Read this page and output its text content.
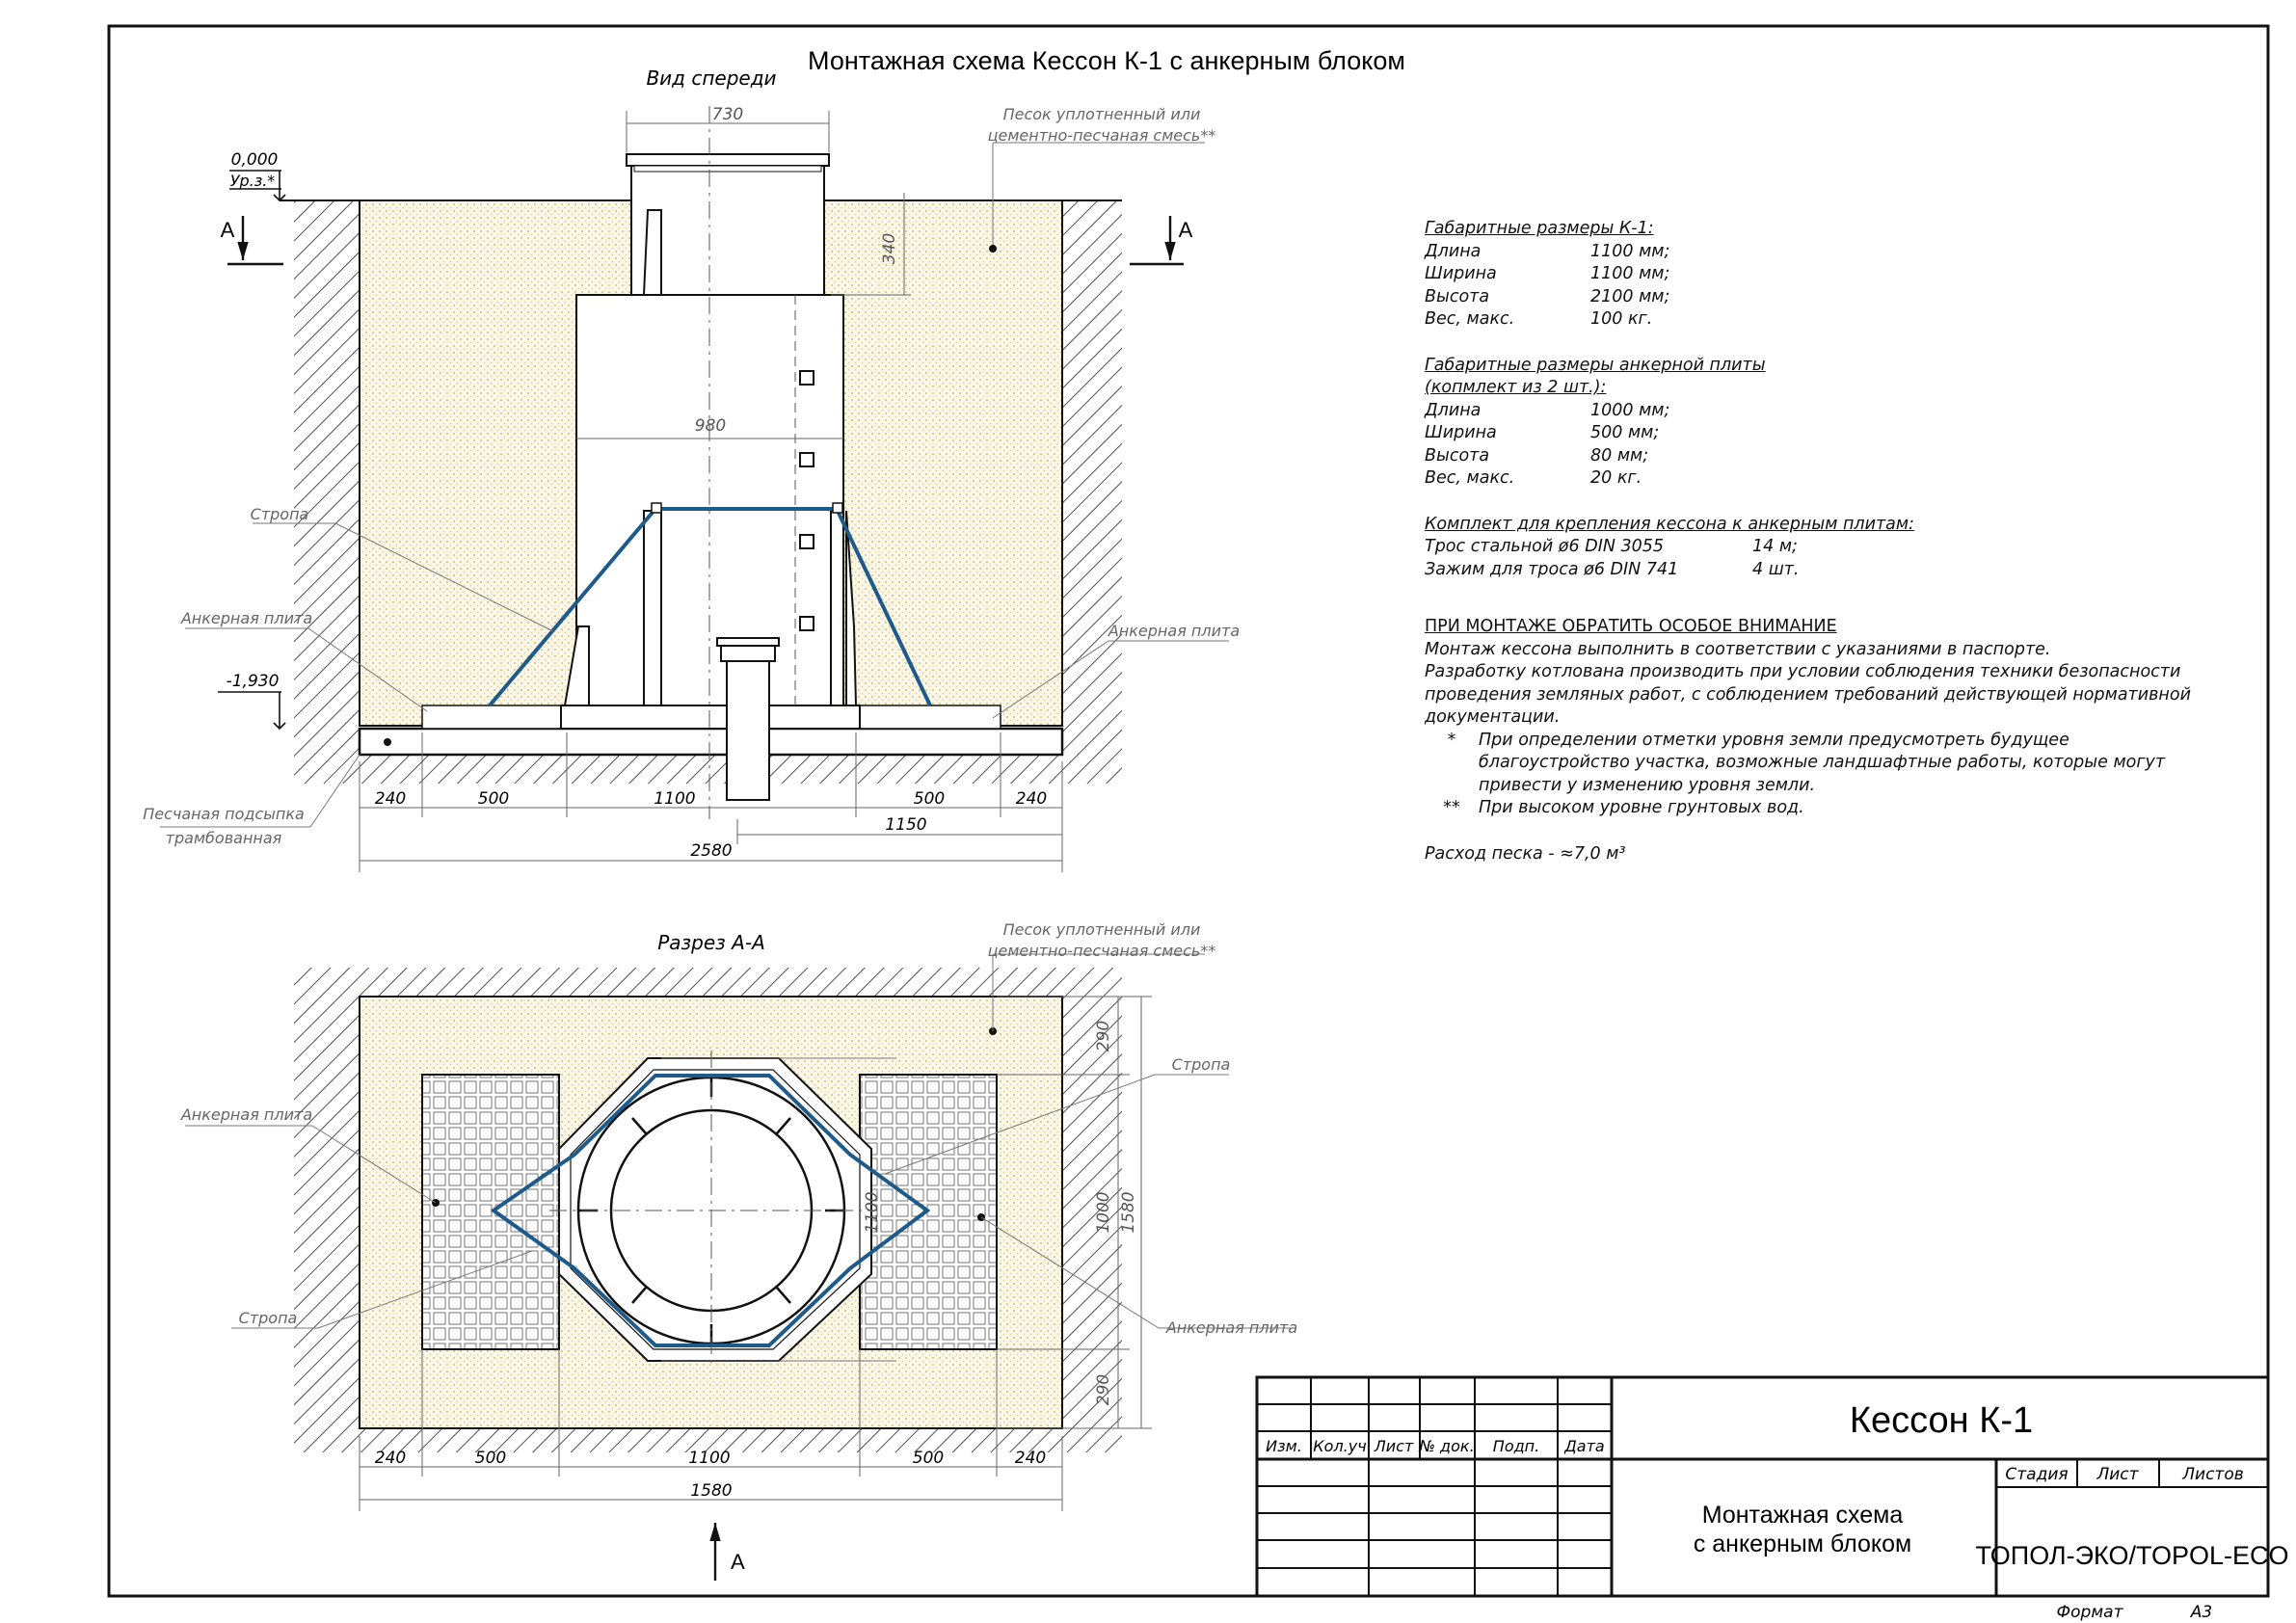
Монтажная схема Кессон К-1 с анкерным блоком
Вид спереди
0,000
Ур.з.*
-1,930
А	А
730
340
980
240	500	1100	500	240
1150
2580
Песок уплотненный или
цементно-песчаная смесь**
Стропа
Анкерная плита
Анкерная плита
Песчаная подсыпка
трамбованная
Разрез А-А
290
1000 1580
290
1100
240	500	1100	500	240
1580
А
Песок уплотненный или
цементно-песчаная смесь**
Стропа
Анкерная плита
Стропа
Анкерная плита
Изм. Кол.уч Лист № док. Подп. Дата
Кессон К-1
Монтажная схема
с анкерным блоком
Стадия Лист	Листов
ТОПОЛ-ЭКО/TOPOL-ECO
Формат	А3
Габаритные размеры К-1:
Длина	1100 мм;
Ширина	1100 мм;
Высота	2100 мм;
Вес, макс.	100 кг.
Габаритные размеры анкерной плиты
(копмлект из 2 шт.):
Длина	1000 мм;
Ширина	500 мм;
Высота	80 мм;
Вес, макс.	20 кг.
Комплект для крепления кессона к анкерным плитам:
Трос стальной ø6 DIN 3055	14 м;
Зажим для троса ø6 DIN 741	4 шт.
ПРИ МОНТАЖЕ ОБРАТИТЬ ОСОБОЕ ВНИМАНИЕ
Монтаж кессона выполнить в соответствии с указаниями в паспорте.
Разработку котлована производить при условии соблюдения техники безопасности
проведения земляных работ, с соблюдением требований действующей нормативной
документации.
*	При определении отметки уровня земли предусмотреть будущее благоустройство участка, возможные ландшафтные работы, которые могут привести у изменению уровня земли.
**	При высоком уровне грунтовых вод.
Расход песка - ≈7,0 м³
